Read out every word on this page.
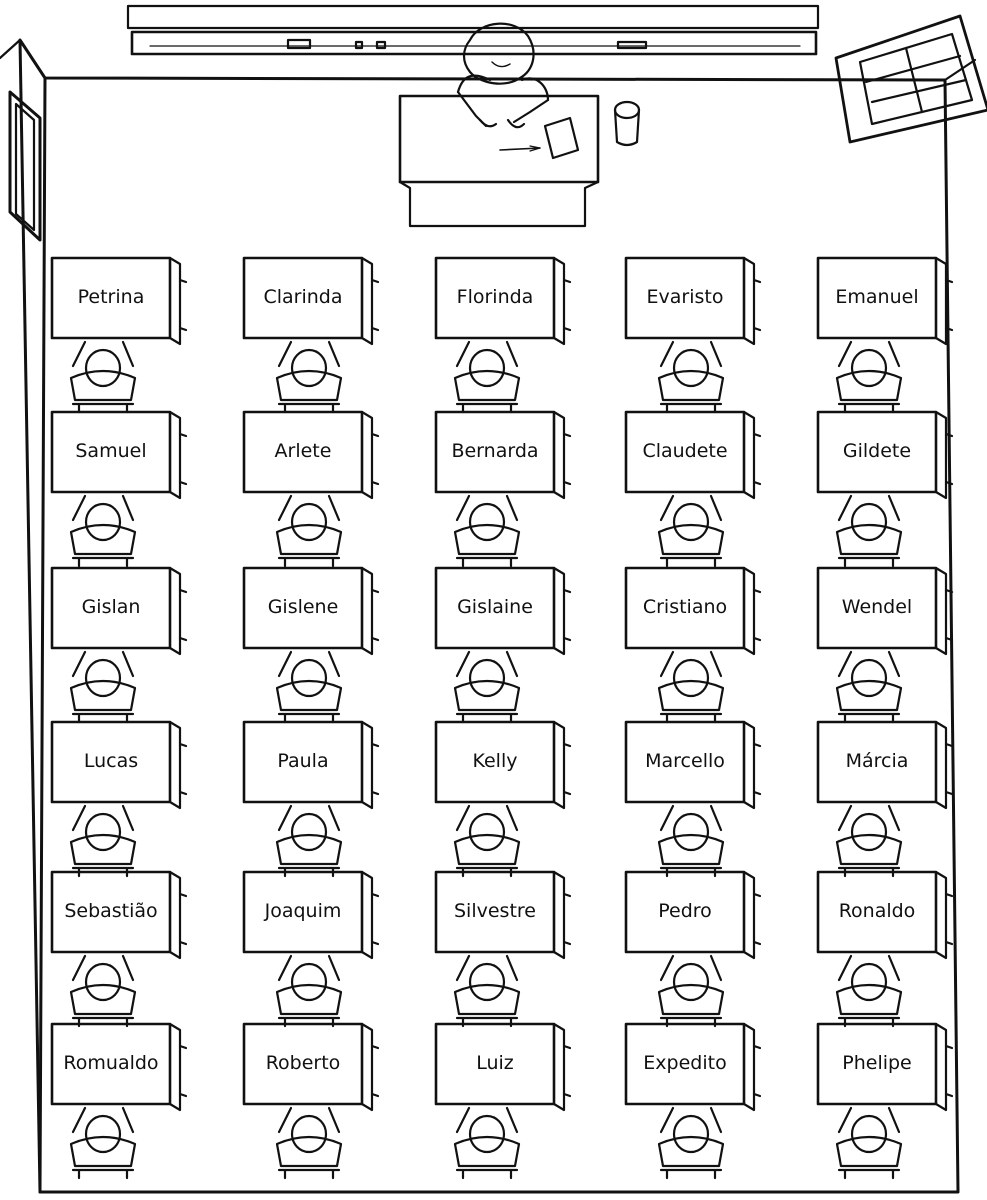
Petrina	Clarinda	Florinda	Evaristo	Emanuel
Samuel	Arlete	Bernarda	Claudete	Gildete
Gislan	Gislene	Gislaine	Cristiano	Wendel
Lucas	Paula	Kelly	Marcello	Márcia
Sebastião	Joaquim	Silvestre	Pedro	Ronaldo
Romualdo	Roberto	Luiz	Expedito	Phelipe
